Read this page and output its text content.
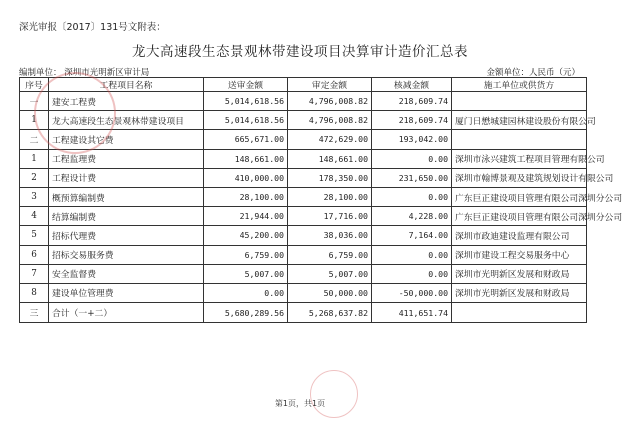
深光审报〔2017〕131号文附表：
龙大高速段生态景观林带建设项目决算审计造价汇总表
编制单位： 深圳市光明新区审计局	金额单位：人民币（元）
序号	工程项目名称	送审金额	审定金额	核减金额	施工单位或供货方
一	建安工程费	5,014,618.56	4,796,008.82	218,609.74	
1	龙大高速段生态景观林带建设项目	5,014,618.56	4,796,008.82	218,609.74	厦门日懋城建园林建设股份有限公司
二	工程建设其它费	665,671.00	472,629.00	193,042.00	
1	工程监理费	148,661.00	148,661.00	0.00	深圳市泳兴建筑工程项目管理有限公司
2	工程设计费	410,000.00	178,350.00	231,650.00	深圳市翰博景观及建筑规划设计有限公司
3	概预算编制费	28,100.00	28,100.00	0.00	广东巨正建设项目管理有限公司深圳分公司
4	结算编制费	21,944.00	17,716.00	4,228.00	广东巨正建设项目管理有限公司深圳分公司
5	招标代理费	45,200.00	38,036.00	7,164.00	深圳市政迪建设监理有限公司
6	招标交易服务费	6,759.00	6,759.00	0.00	深圳市建设工程交易服务中心
7	安全监督费	5,007.00	5,007.00	0.00	深圳市光明新区发展和财政局
8	建设单位管理费	0.00	50,000.00	-50,000.00	深圳市光明新区发展和财政局
三	合计（一+二）	5,680,289.56	5,268,637.82	411,651.74	
第1页，共1页
